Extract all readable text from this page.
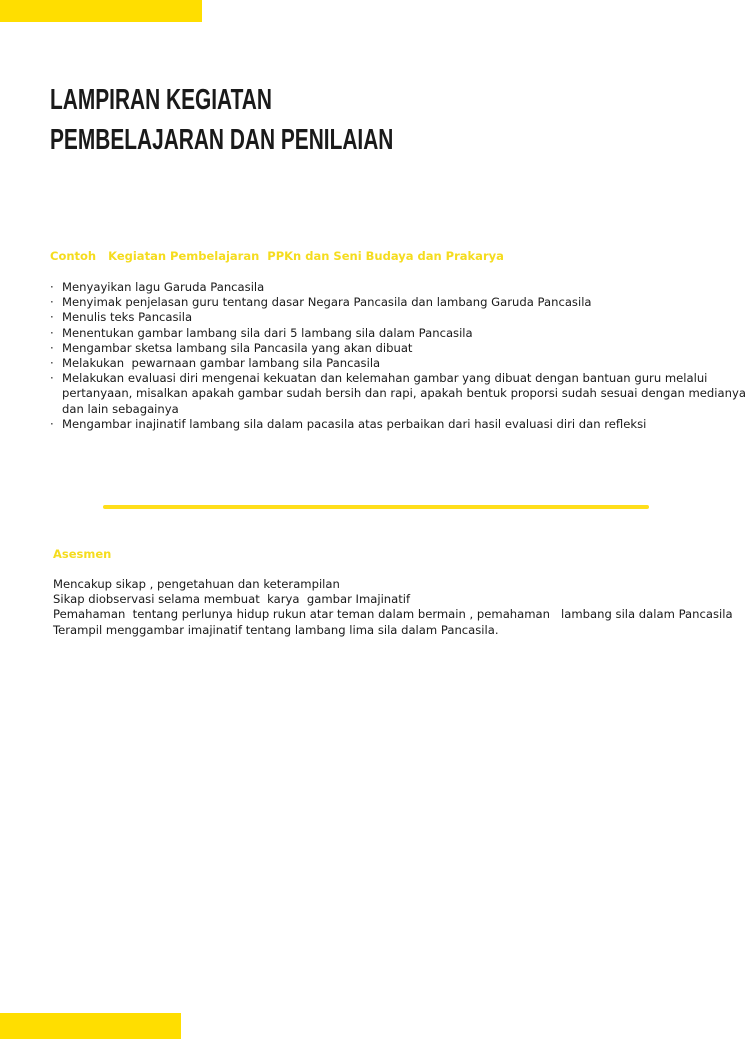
LAMPIRAN KEGIATAN
PEMBELAJARAN DAN PENILAIAN
Contoh   Kegiatan Pembelajaran  PPKn dan Seni Budaya dan Prakarya
· Menyayikan lagu Garuda Pancasila
· Menyimak penjelasan guru tentang dasar Negara Pancasila dan lambang Garuda Pancasila
· Menulis teks Pancasila
· Menentukan gambar lambang sila dari 5 lambang sila dalam Pancasila
· Mengambar sketsa lambang sila Pancasila yang akan dibuat
· Melakukan  pewarnaan gambar lambang sila Pancasila
· Melakukan evaluasi diri mengenai kekuatan dan kelemahan gambar yang dibuat dengan bantuan guru melalui pertanyaan, misalkan apakah gambar sudah bersih dan rapi, apakah bentuk proporsi sudah sesuai dengan medianya dan lain sebagainya
· Mengambar inajinatif lambang sila dalam pacasila atas perbaikan dari hasil evaluasi diri dan refleksi
Asesmen

Mencakup sikap , pengetahuan dan keterampilan

Sikap diobservasi selama membuat  karya  gambar Imajinatif

Pemahaman  tentang perlunya hidup rukun atar teman dalam bermain , pemahaman   lambang sila dalam Pancasila

Terampil menggambar imajinatif tentang lambang lima sila dalam Pancasila.
